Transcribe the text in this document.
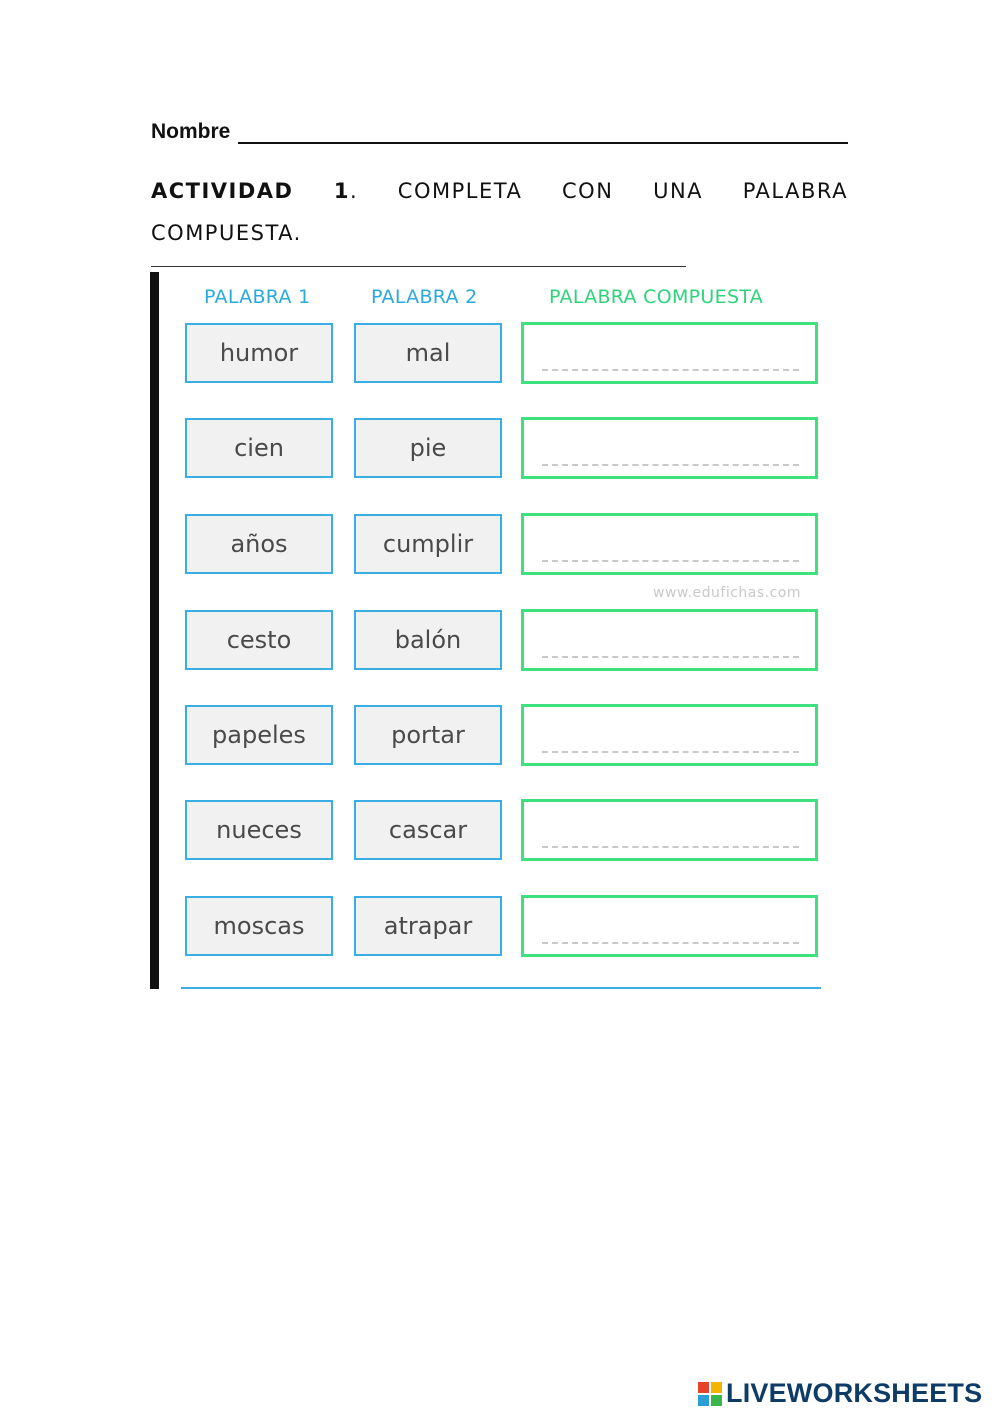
Nombre
ACTIVIDAD 1. COMPLETA CON UNA PALABRA COMPUESTA.
PALABRA 1	PALABRA 2	PALABRA COMPUESTA
humor	mal
cien	pie
años	cumplir
www.edufichas.com
cesto	balón
papeles	portar
nueces	cascar
moscas	atrapar
LIVEWORKSHEETS
